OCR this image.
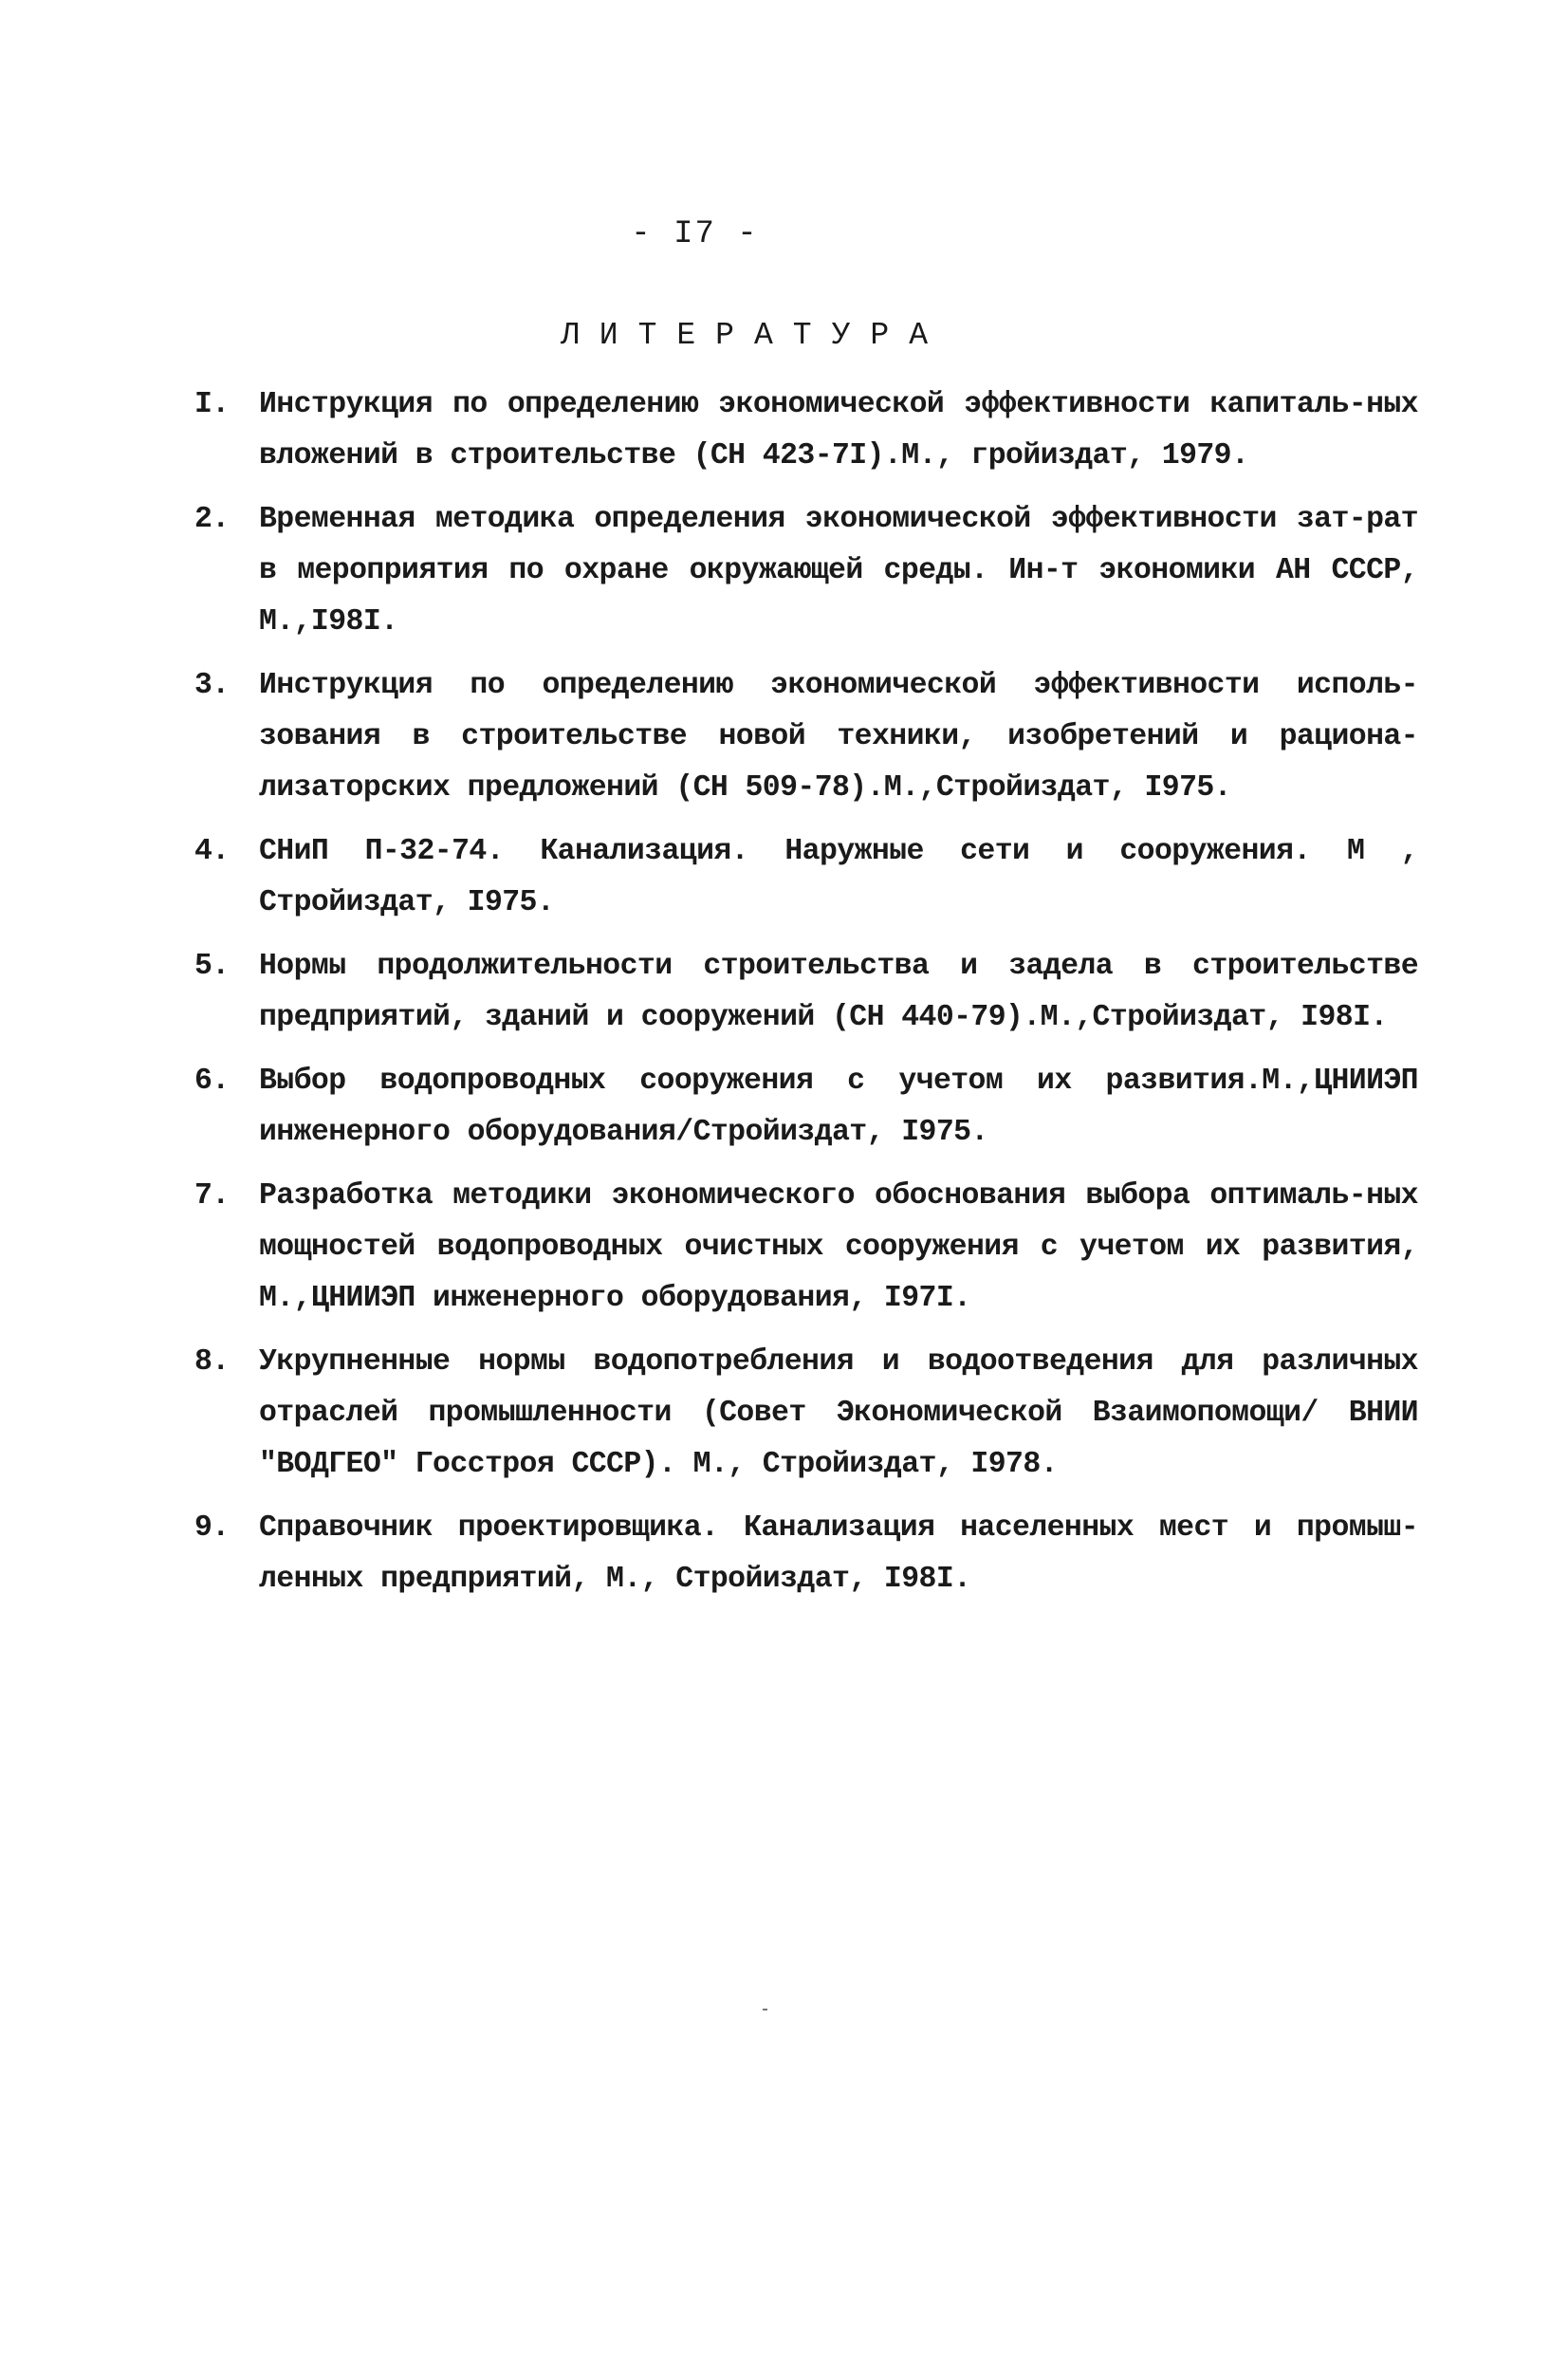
- I7 -
ЛИТЕРАТУРА
I. Инструкция по определению экономической эффективности капиталь-ных вложений в строительстве (СН 423-7I).М., гройиздат, 1979.
2. Временная методика определения экономической эффективности зат-рат в мероприятия по охране окружающей среды. Ин-т экономики АН СССР, М.,I98I.
3. Инструкция по определению экономической эффективности исполь-зования в строительстве новой техники, изобретений и рациона-лизаторских предложений (СН 509-78).М.,Стройиздат, I975.
4. СНиП П-32-74. Канализация. Наружные сети и сооружения. М , Стройиздат, I975.
5. Нормы продолжительности строительства и задела в строительстве предприятий, зданий и сооружений (СН 440-79).М.,Стройиздат, I98I.
6. Выбор водопроводных сооружения с учетом их развития.М.,ЦНИИЭП инженерного оборудования/Стройиздат, I975.
7. Разработка методики экономического обоснования выбора оптималь-ных мощностей водопроводных очистных сооружения с учетом их развития, М.,ЦНИИЭП инженерного оборудования, I97I.
8. Укрупненные нормы водопотребления и водоотведения для различных отраслей промышленности (Совет Экономической Взаимопомощи/ ВНИИ "ВОДГЕО" Госстроя СССР). М., Стройиздат, I978.
9. Справочник проектировщика. Канализация населенных мест и промыш-ленных предприятий, М., Стройиздат, I98I.
